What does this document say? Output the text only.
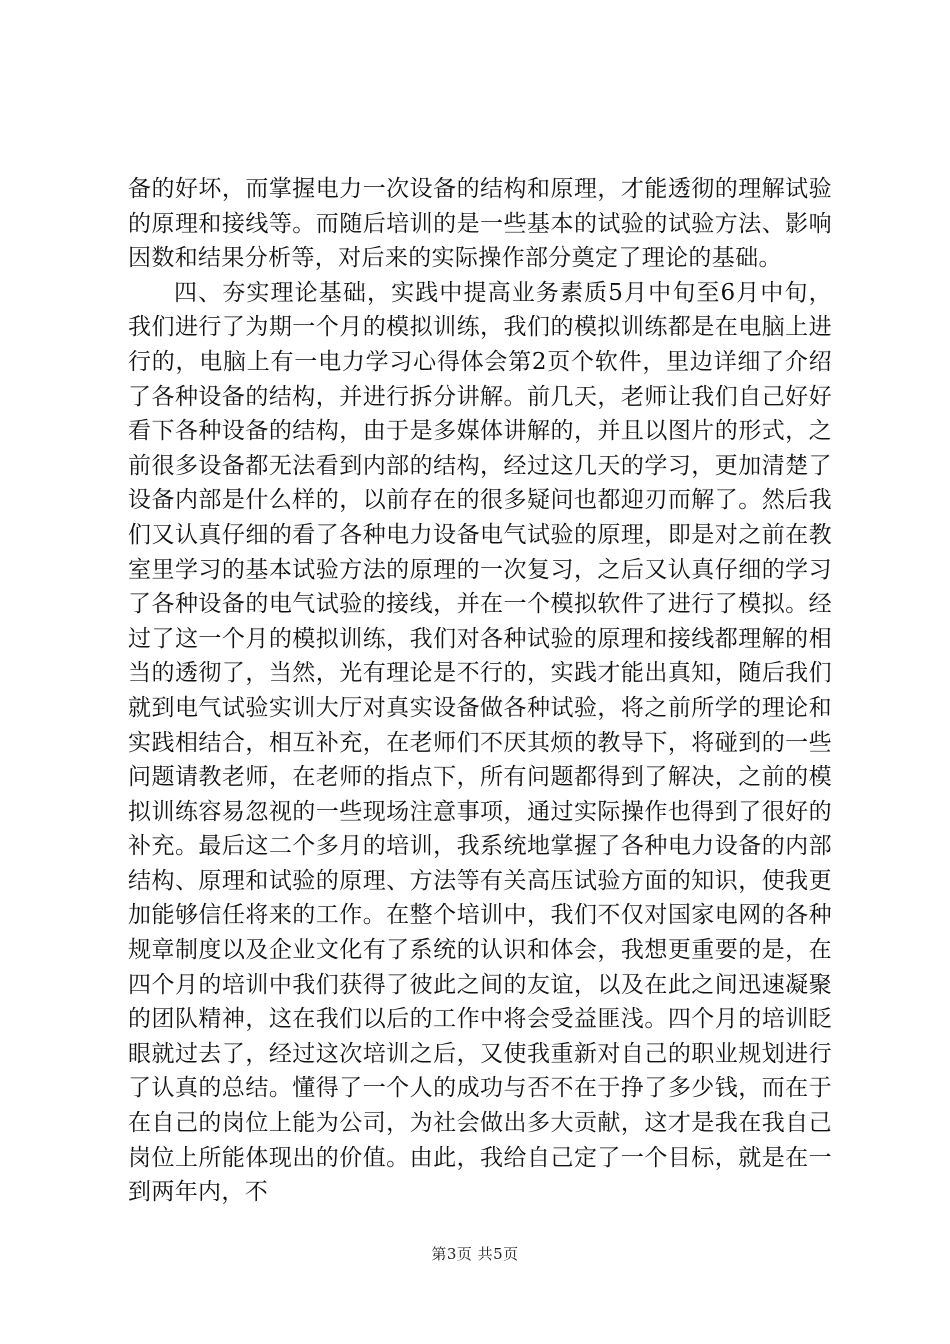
备的好坏，而掌握电力一次设备的结构和原理，才能透彻的理解试验的原理和接线等。而随后培训的是一些基本的试验的试验方法、影响因数和结果分析等，对后来的实际操作部分奠定了理论的基础。

四、夯实理论基础，实践中提高业务素质5月中旬至6月中旬，我们进行了为期一个月的模拟训练，我们的模拟训练都是在电脑上进行的，电脑上有一电力学习心得体会第2页个软件，里边详细了介绍了各种设备的结构，并进行拆分讲解。前几天，老师让我们自己好好看下各种设备的结构，由于是多媒体讲解的，并且以图片的形式，之前很多设备都无法看到内部的结构，经过这几天的学习，更加清楚了设备内部是什么样的，以前存在的很多疑问也都迎刃而解了。然后我们又认真仔细的看了各种电力设备电气试验的原理，即是对之前在教室里学习的基本试验方法的原理的一次复习，之后又认真仔细的学习了各种设备的电气试验的接线，并在一个模拟软件了进行了模拟。经过了这一个月的模拟训练，我们对各种试验的原理和接线都理解的相当的透彻了，当然，光有理论是不行的，实践才能出真知，随后我们就到电气试验实训大厅对真实设备做各种试验，将之前所学的理论和实践相结合，相互补充，在老师们不厌其烦的教导下，将碰到的一些问题请教老师，在老师的指点下，所有问题都得到了解决，之前的模拟训练容易忽视的一些现场注意事项，通过实际操作也得到了很好的补充。最后这二个多月的培训，我系统地掌握了各种电力设备的内部结构、原理和试验的原理、方法等有关高压试验方面的知识，使我更加能够信任将来的工作。在整个培训中，我们不仅对国家电网的各种规章制度以及企业文化有了系统的认识和体会，我想更重要的是，在四个月的培训中我们获得了彼此之间的友谊，以及在此之间迅速凝聚的团队精神，这在我们以后的工作中将会受益匪浅。四个月的培训眨眼就过去了，经过这次培训之后，又使我重新对自己的职业规划进行了认真的总结。懂得了一个人的成功与否不在于挣了多少钱，而在于在自己的岗位上能为公司，为社会做出多大贡献，这才是我在我自己岗位上所能体现出的价值。由此，我给自己定了一个目标，就是在一到两年内，不

第3页 共5页
